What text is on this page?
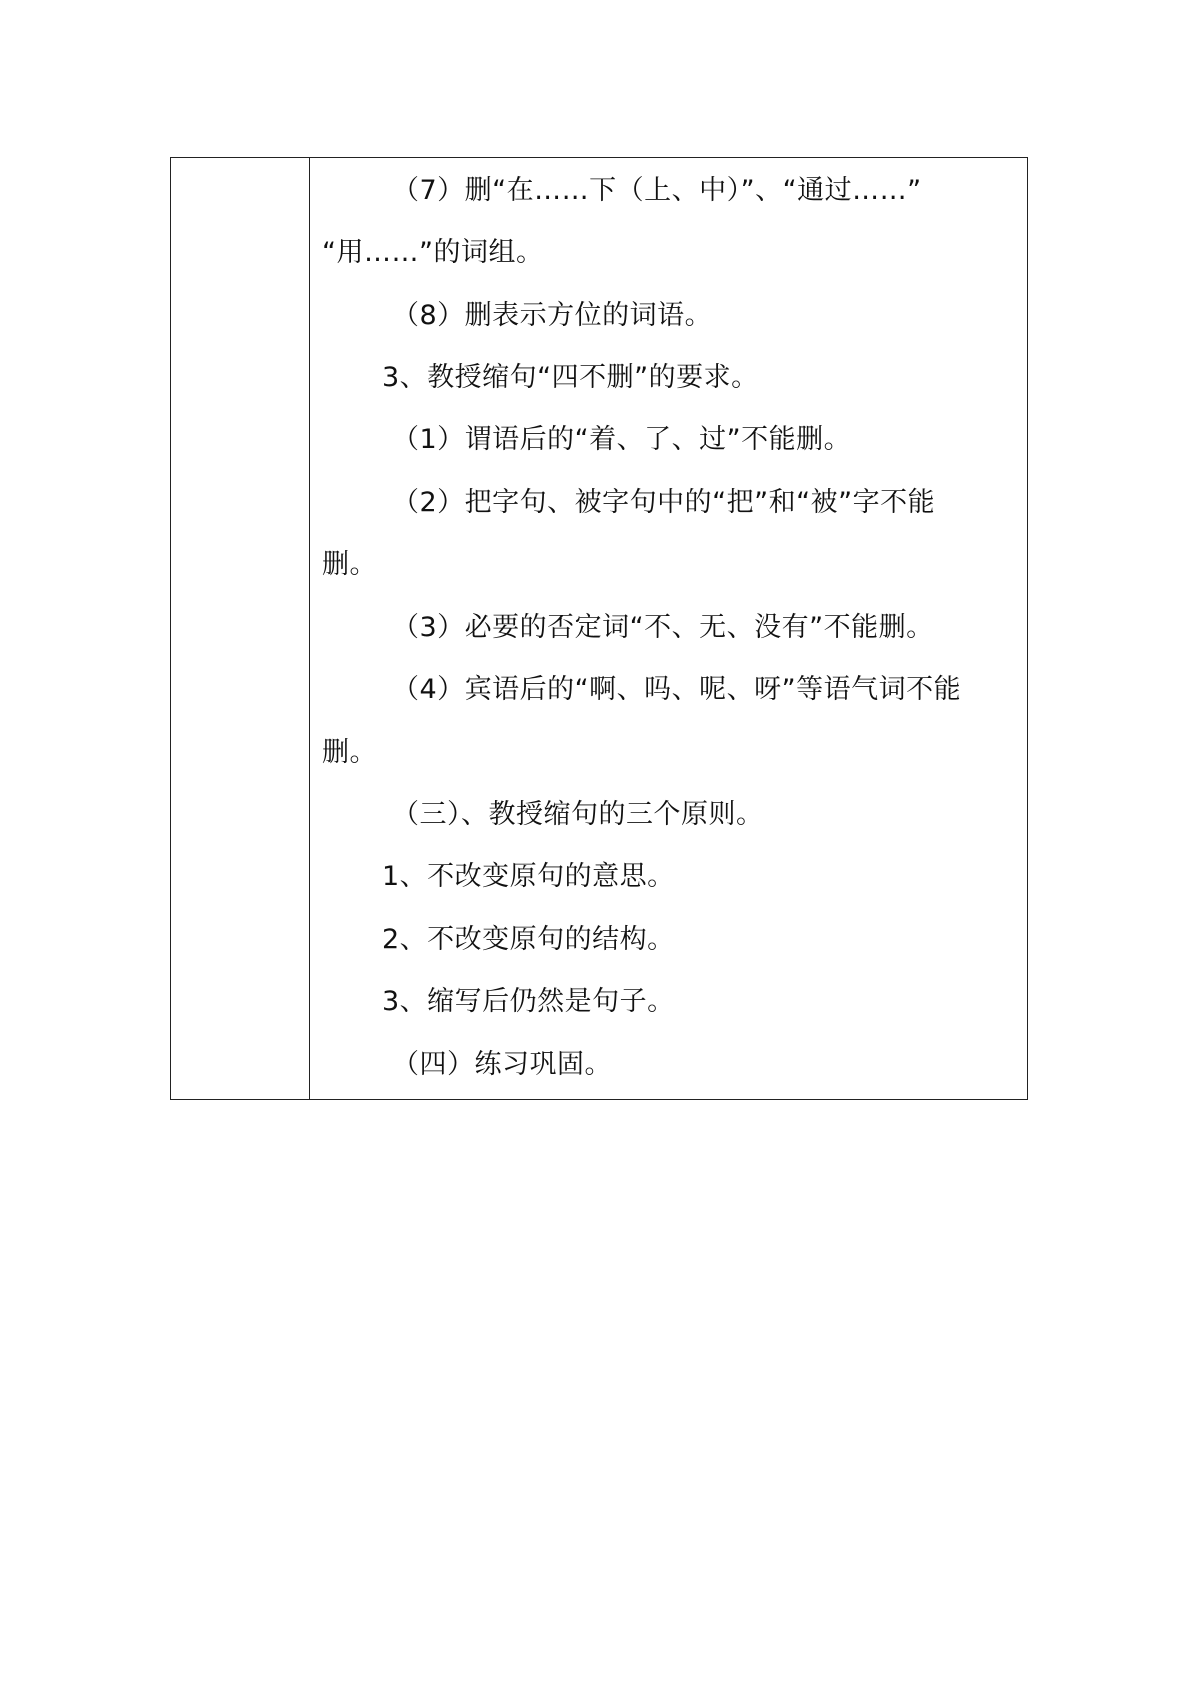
（7）删“在……下（上、中）”、“通过……”
“用……”的词组。
（8）删表示方位的词语。
3、教授缩句“四不删”的要求。
（1）谓语后的“着、了、过”不能删。
（2）把字句、被字句中的“把”和“被”字不能
删。
（3）必要的否定词“不、无、没有”不能删。
（4）宾语后的“啊、吗、呢、呀”等语气词不能
删。
（三）、教授缩句的三个原则。
1、不改变原句的意思。
2、不改变原句的结构。
3、缩写后仍然是句子。
（四）练习巩固。
